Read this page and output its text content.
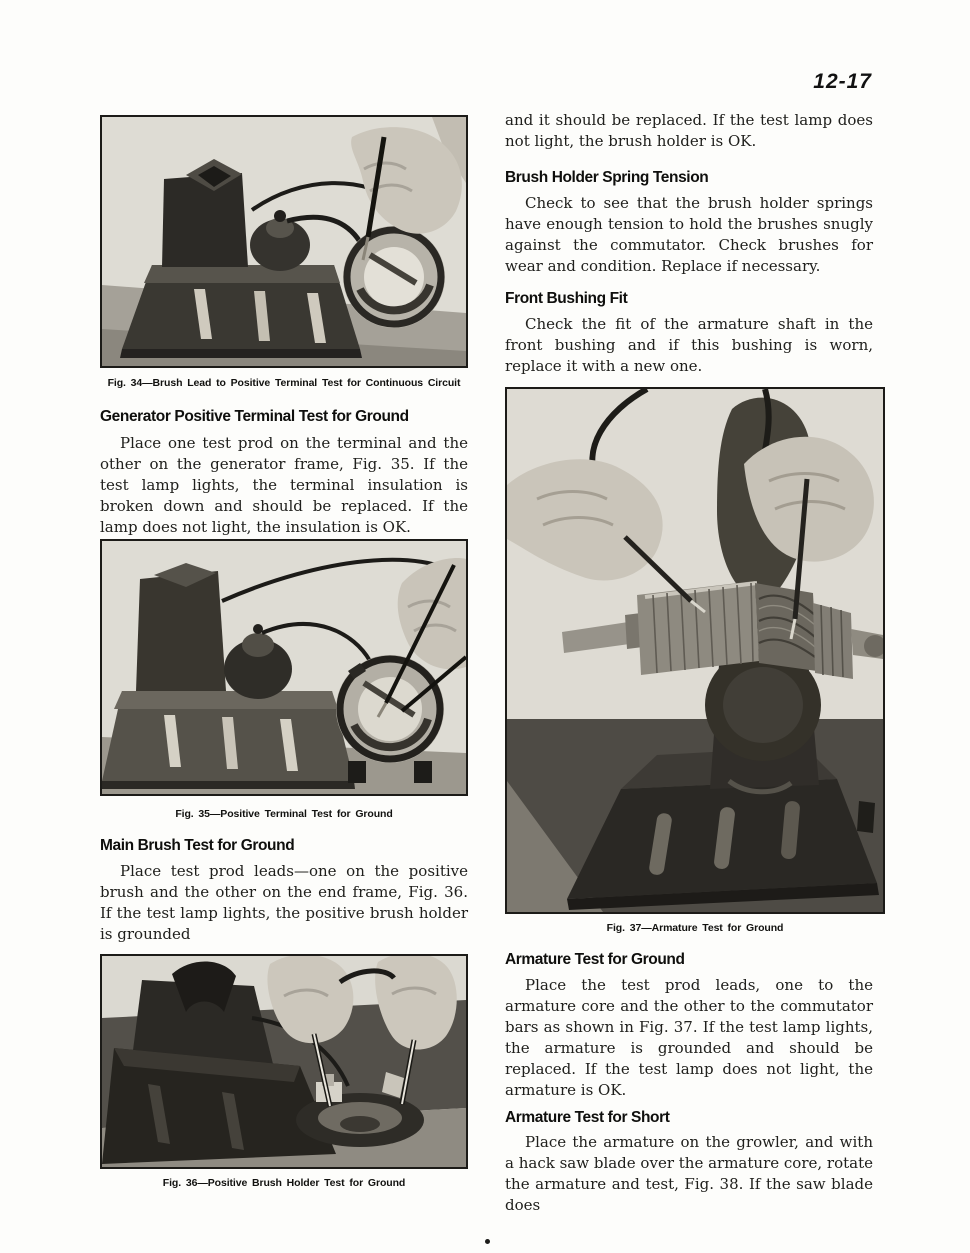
12-17
Fig. 34—Brush Lead to Positive Terminal Test for Continuous Circuit
Generator Positive Terminal Test for Ground

Place one test prod on the terminal and the other on the generator frame, Fig. 35. If the test lamp lights, the terminal insulation is broken down and should be replaced. If the lamp does not light, the insulation is OK.

Fig. 35—Positive Terminal Test for Ground
Main Brush Test for Ground

Place test prod leads—one on the positive brush and the other on the end frame, Fig. 36. If the test lamp lights, the positive brush holder is grounded

Fig. 36—Positive Brush Holder Test for Ground

and it should be replaced. If the test lamp does not light, the brush holder is OK.

Brush Holder Spring Tension

Check to see that the brush holder springs have enough tension to hold the brushes snugly against the commutator. Check brushes for wear and condition. Replace if necessary.

Front Bushing Fit

Check the fit of the armature shaft in the front bushing and if this bushing is worn, replace it with a new one.

Fig. 37—Armature Test for Ground
Armature Test for Ground

Place the test prod leads, one to the armature core and the other to the commutator bars as shown in Fig. 37. If the test lamp lights, the armature is grounded and should be replaced. If the test lamp does not light, the armature is OK.

Armature Test for Short

Place the armature on the growler, and with a hack saw blade over the armature core, rotate the armature and test, Fig. 38. If the saw blade does
